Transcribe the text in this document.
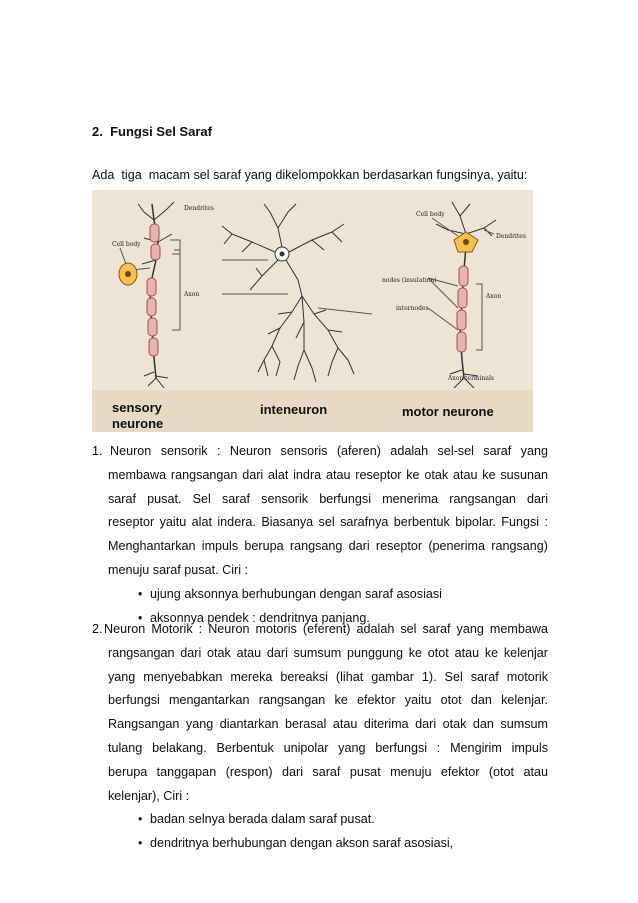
2. Fungsi Sel Saraf
Ada  tiga  macam sel saraf yang dikelompokkan berdasarkan fungsinya, yaitu:
Dendrites
Cell body
Axon
Cell body
Dendrites
nodes (insulation)
Axon
internodes
Axon terminals
sensory
neurone
inteneuron	motor neurone
1. Neuron sensorik : Neuron sensoris (aferen) adalah sel-sel saraf yang
membawa rangsangan dari alat indra atau reseptor ke otak atau ke susunan
saraf pusat. Sel saraf sensorik berfungsi menerima rangsangan dari
reseptor yaitu alat indera. Biasanya sel sarafnya berbentuk bipolar. Fungsi :
Menghantarkan impuls berupa rangsang dari reseptor (penerima rangsang)
menuju saraf pusat. Ciri :
• ujung aksonnya berhubungan dengan saraf asosiasi
• aksonnya pendek : dendritnya panjang.
2. Neuron Motorik : Neuron motoris (eferent) adalah sel saraf yang membawa
rangsangan dari otak atau dari sumsum punggung ke otot atau ke kelenjar
yang menyebabkan mereka bereaksi (lihat gambar 1). Sel saraf motorik
berfungsi mengantarkan rangsangan ke efektor yaitu otot dan kelenjar.
Rangsangan yang diantarkan berasal atau diterima dari otak dan sumsum
tulang belakang. Berbentuk unipolar yang berfungsi : Mengirim impuls
berupa tanggapan (respon) dari saraf pusat menuju efektor (otot atau
kelenjar), Ciri :
• badan selnya berada dalam saraf pusat.
• dendritnya berhubungan dengan akson saraf asosiasi,
